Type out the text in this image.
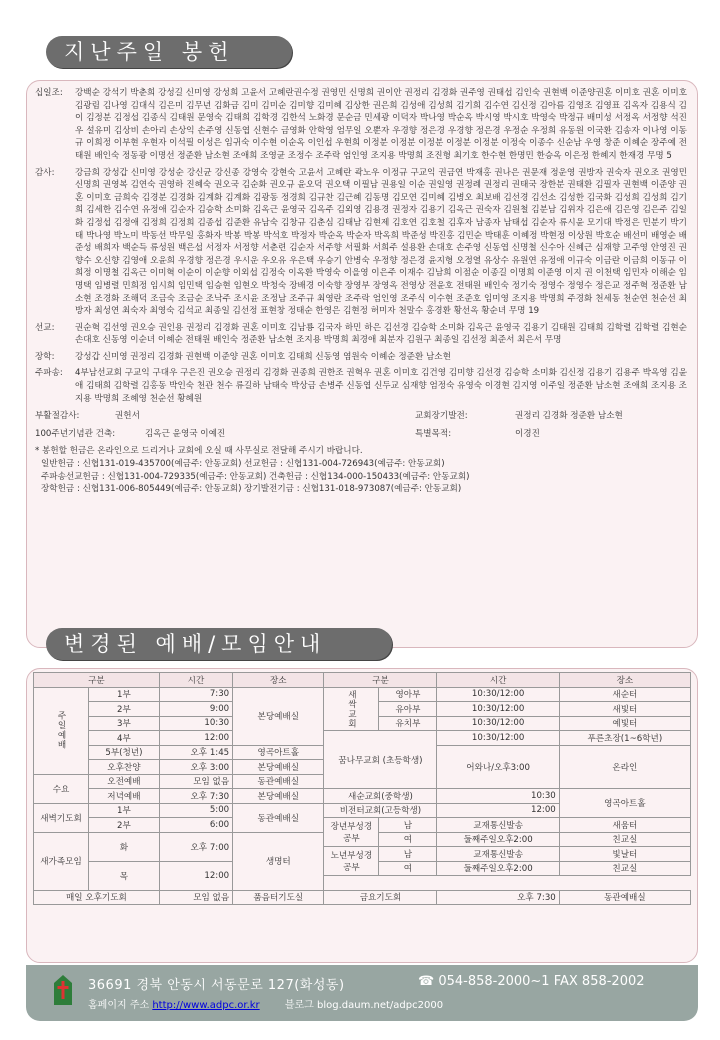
지난주일 봉헌
십일조:	강백순 강석기 박춘희 강성길 신미영 강성희 고윤서 고혜란권수정 권영민 신명희 권이안 권정리 김경화 권주영 권태섭 김인숙 권현백 이준양권혼 이미호 권혼 이미호 김광림 김나영 김대식 김은미 김무년 김화금 김미 김미순 김미향 김미혜 김상한 권은희 김성애 김성희 김기희 김수연 김신정 김아름 김영조 김영표 김옥자 김용식 김이 김정분 김정섭 김종식 김태원 문영숙 김태희 김학경 김한석 노화경 문순금 민세광 이덕자 박나영 박순옥 박시영 박시호 박영숙 박정규 배미성 서정옥 서정향 석진우 설유미 김상비 손아리 손상익 손주영 신동엽 신현수 금영화 안학영 엄무일 오뿐자 우경향 정은경 우경향 정은경 우정순 우정희 유동원 이국환 김송자 이나영 이동규 이희정 이부현 우현자 이석필 이성은 임귀숙 이수현 이순옥 이인섭 우현희 이정분 이정분 이정분 이정분 이정분 이정숙 이종수 신순남 우영 창준 이혜순 장주예 전태원 배인숙 정동광 이명선 정준환 남소현 조애희 조영균 조정수 조주락 엄인영 조지용 박명희 조진형 최기호 한수현 한명민 한승옥 이은정 한혜지 한재경 무명 5
감사:	강금희 강성갑 신미영 강성순 강신균 강신종 강영숙 강현숙 고윤서 고혜란 곽노우 이정규 구교익 권금연 박재홍 권나은 권문재 정운영 권방자 권숙자 권오조 권영민 신명희 권영복 김연숙 권영하 진혜숙 권오국 김순화 권오규 윤오덕 권오택 이필남 권용일 이순 권일영 권정례 권정리 권태국 장한분 권태환 김필자 권현백 이준양 권혼 이미호 금희숙 김경분 김경화 김계화 김계화 김광동 정경희 김규찬 김근혜 김동명 김모연 김미혜 김병오 최보배 김선경 김선소 김성한 김국화 김성희 김성희 김기희 김세한 김수연 유정애 김순자 김승학 소미화 김옥근 윤영국 김옥주 김외영 김용경 권정자 김용기 김옥근 권숙자 김원철 김분남 김위자 김은애 김은영 김은주 김일화 김정섭 김정애 김정희 김정희 김종섭 김준환 유남숙 김창규 김춘심 김태남 김현제 김호연 김호철 김후자 남종자 남태섭 김순자 류시윤 모기대 박정은 민분기 박기태 박나영 박노미 박동선 박무일 홍화자 박봉 박봉 박석호 박정자 박순옥 박순자 박옥희 박준성 박진홍 김민순 박태훈 이혜정 박현정 이상원 박호순 배선미 배영순 배준성 배희자 백순득 류성원 백은섭 서정자 서정향 서춘련 김순자 서주향 서필화 서희주 설용환 손대호 손주영 신동엽 신명철 신수아 신혜근 심재향 고주영 안영진 권향수 오신향 김영애 오윤희 우경향 정은경 우시운 우오유 우은택 우승기 안병숙 우정향 정은경 윤지형 오정열 유상수 유원연 유정애 이규숙 이금란 이금희 이동규 이희정 이명철 김옥근 이미혁 이순이 이순향 이외섭 김정숙 이옥환 박영숙 이을영 이은주 이재수 김남희 이점순 이종길 이명희 이준영 이지 권 이천택 임민자 이해순 임명택 임병렬 민희정 임시희 임민택 임승현 임현오 박청숙 장배경 이숙향 장영부 장영옥 전영상 전윤호 전태원 배인숙 정기숙 정영수 정영수 정은교 정주혁 정준환 남소현 조경화 조해덕 조금숙 조금순 조낙주 조시윤 조정남 조주규 최영란 조주락 엄인영 조주식 이수현 조준호 임미영 조지용 박명희 주경화 천세동 천순연 천순선 최방자 최성연 최숙자 최영숙 김석교 최종일 김선정 표현창 정태순 한영은 김현정 허미자 천말수 홍경환 황선옥 황순녀 무명 19
선교:	권순혁 김선영 권오승 권인용 권정리 김경화 권혼 이미호 김남룡 김국자 하민 하은 김선경 김승학 소미화 김옥근 윤영국 김용기 김태원 김태희 김학렬 김학렬 김현순 손대호 신동영 이순녀 이혜순 전태원 배인숙 정준환 남소현 조지용 박명희 최경애 최분자 김원구 최종일 김선정 최준서 최은서 무명
장학:	강성갑 신미영 권정리 김경화 권현백 이준양 권혼 이미호 김태희 신동영 염원숙 이혜순 정준환 남소현
주파송:	4부남선교회 구교익 구대우 구은진 권오승 권정리 김경화 권종희 권한조 권혁우 권혼 이미호 김건영 김미향 김선경 김승학 소미화 김신정 김용기 김용주 박옥영 김윤애 김태희 김학렬 김홍동 박인숙 천관 천수 류길하 남태숙 박상금 손병주 신동엽 신두교 심재향 엄정숙 유영숙 이경현 김지영 이주일 정준환 남소현 조애희 조지용 조지용 박명희 조혜영 천순선 황혜원
부활절감사:	권헌서	교회장기발전:	권정리 김경화 정준환 남소현
100주년기념관 건축:	김옥근 윤영국 이예진	특별목적:	이경진
* 봉헌할 헌금은 온라인으로 드리거나 교회에 오실 때 사무실로 전달해 주시기 바랍니다.
일반헌금 : 신협131-019-435700(예금주: 안동교회) 선교헌금 : 신협131-004-726943(예금주: 안동교회)
주파송선교헌금 : 신협131-004-729335(예금주: 안동교회) 건축헌금 : 신협134-000-150433(예금주: 안동교회)
장학헌금 : 신협131-006-805449(예금주: 안동교회) 장기발전기금 : 신협131-018-973087(예금주: 안동교회)
변경된 예배/모임안내
구분		시간	장소	구분		시간	장소
주일예배	1부	7:30	본당예배실	새싹교회	영아부	10:30/12:00	새순터
	2부	9:00			유아부	10:30/12:00	새빛터
	3부	10:30			유치부	10:30/12:00	예빛터
	4부	12:00		꿈나무교회 (초등학생)		10:30/12:00	푸른초장(1~6학년)
	5부(청년)	오후 1:45	영곡아트홀			어와나/오후3:00	온라인
	오후찬양	오후 3:00	본당예배실				
수요	오전예배	모임 없음	동관예배실				
	저녁예배	오후 7:30	본당예배실	새순교회(중학생)		10:30	영곡아트홀
새벽기도회	1부	5:00	동관예배실	비전터교회(고등학생)		12:00	
	2부	6:00		장년부성경공부	남	교재통신발송	새움터
새가족모임	화	오후 7:00	생명터		여	둘째주일오후2:00	친교실
				노년부성경공부	남	교재통신발송	빛날터
	목	12:00			여	둘째주일오후2:00	친교실

매일 오후기도회		모임 없음	품음터기도실	금요기도회		오후 7:30	동관예배실
36691 경북 안동시 서동문로 127(화성동)	☎ 054-858-2000~1 FAX 858-2002
홈페이지 주소 http://www.adpc.or.kr	블로그 blog.daum.net/adpc2000
